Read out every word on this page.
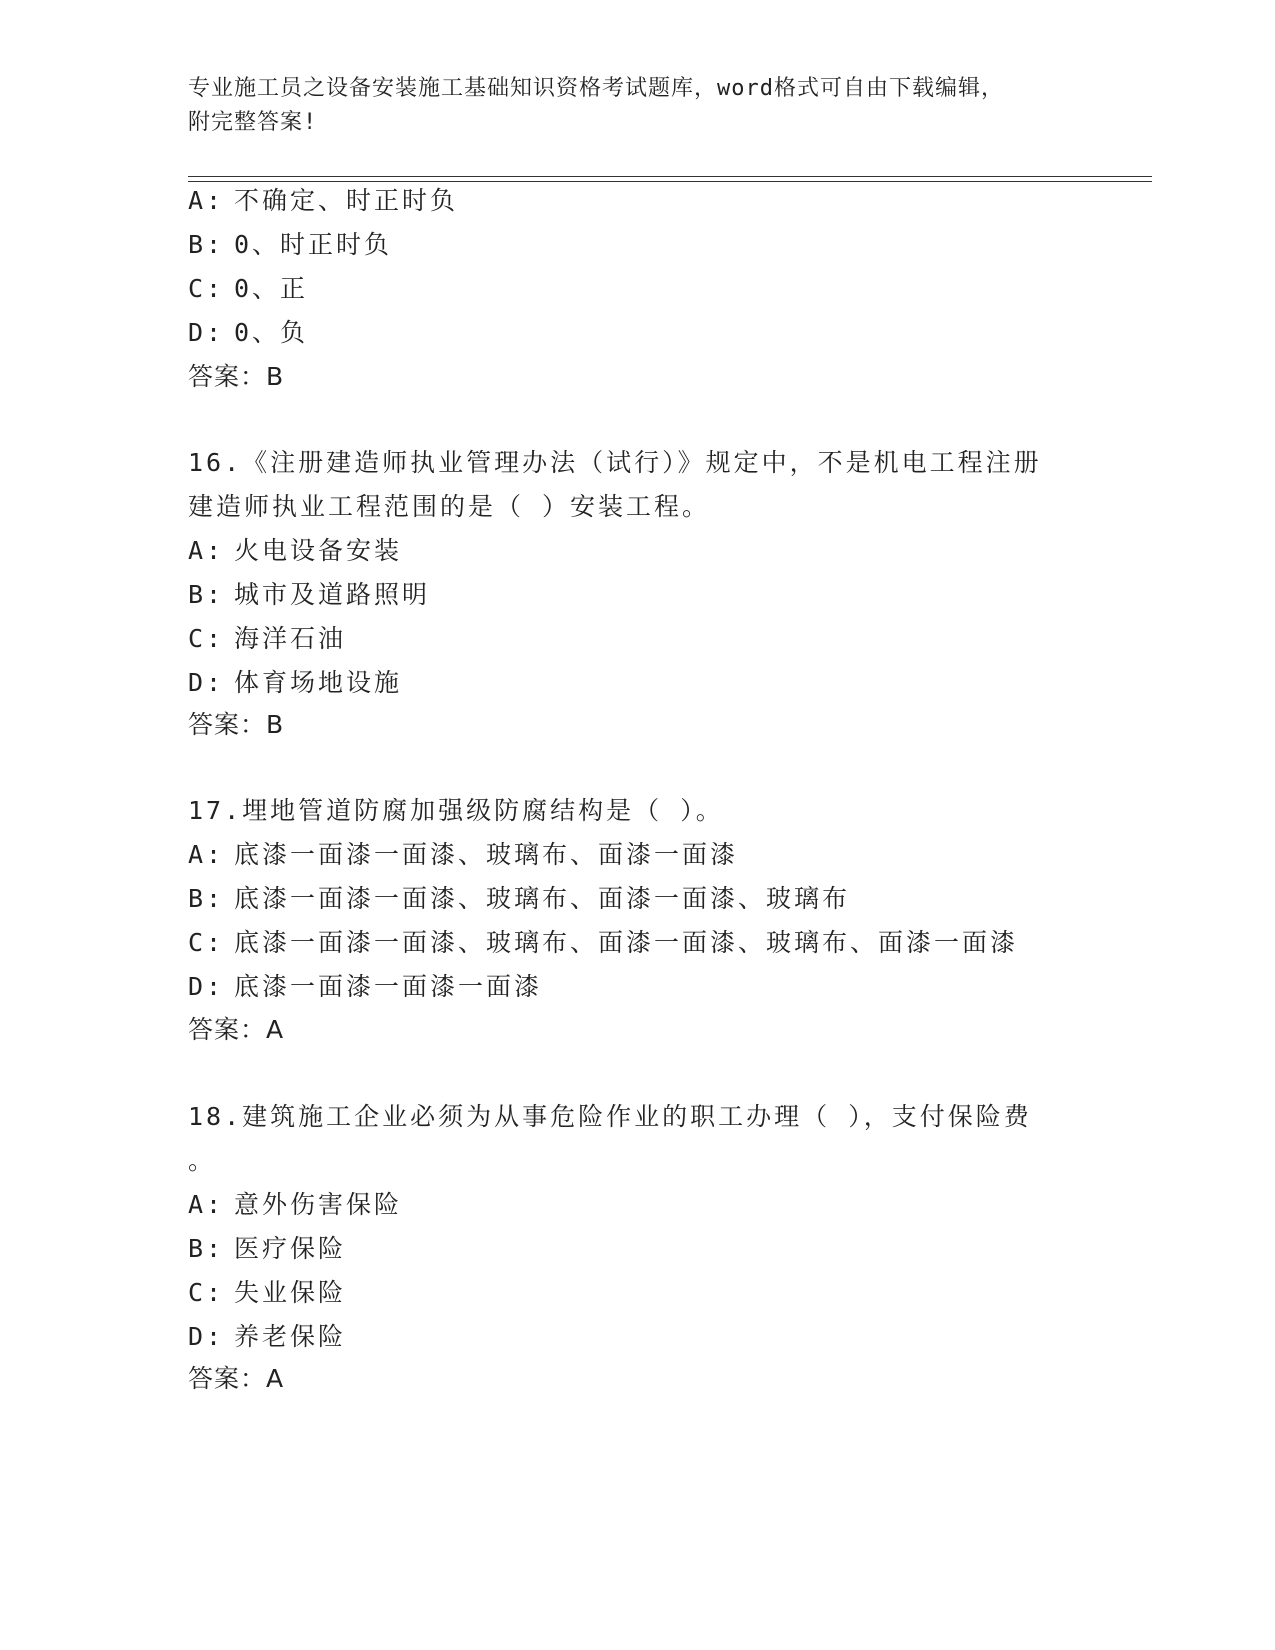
专业施工员之设备安装施工基础知识资格考试题库，word格式可自由下载编辑，
附完整答案!
A: 不确定、时正时负
B: 0、时正时负
C: 0、正
D: 0、负
答案：B
16.《注册建造师执业管理办法（试行）》规定中，不是机电工程注册
建造师执业工程范围的是（ ）安装工程。
A: 火电设备安装
B: 城市及道路照明
C: 海洋石油
D: 体育场地设施
答案：B
17.埋地管道防腐加强级防腐结构是（ ）。
A: 底漆一面漆一面漆、玻璃布、面漆一面漆
B: 底漆一面漆一面漆、玻璃布、面漆一面漆、玻璃布
C: 底漆一面漆一面漆、玻璃布、面漆一面漆、玻璃布、面漆一面漆
D: 底漆一面漆一面漆一面漆
答案：A
18.建筑施工企业必须为从事危险作业的职工办理（ ），支付保险费
。
A: 意外伤害保险
B: 医疗保险
C: 失业保险
D: 养老保险
答案：A
